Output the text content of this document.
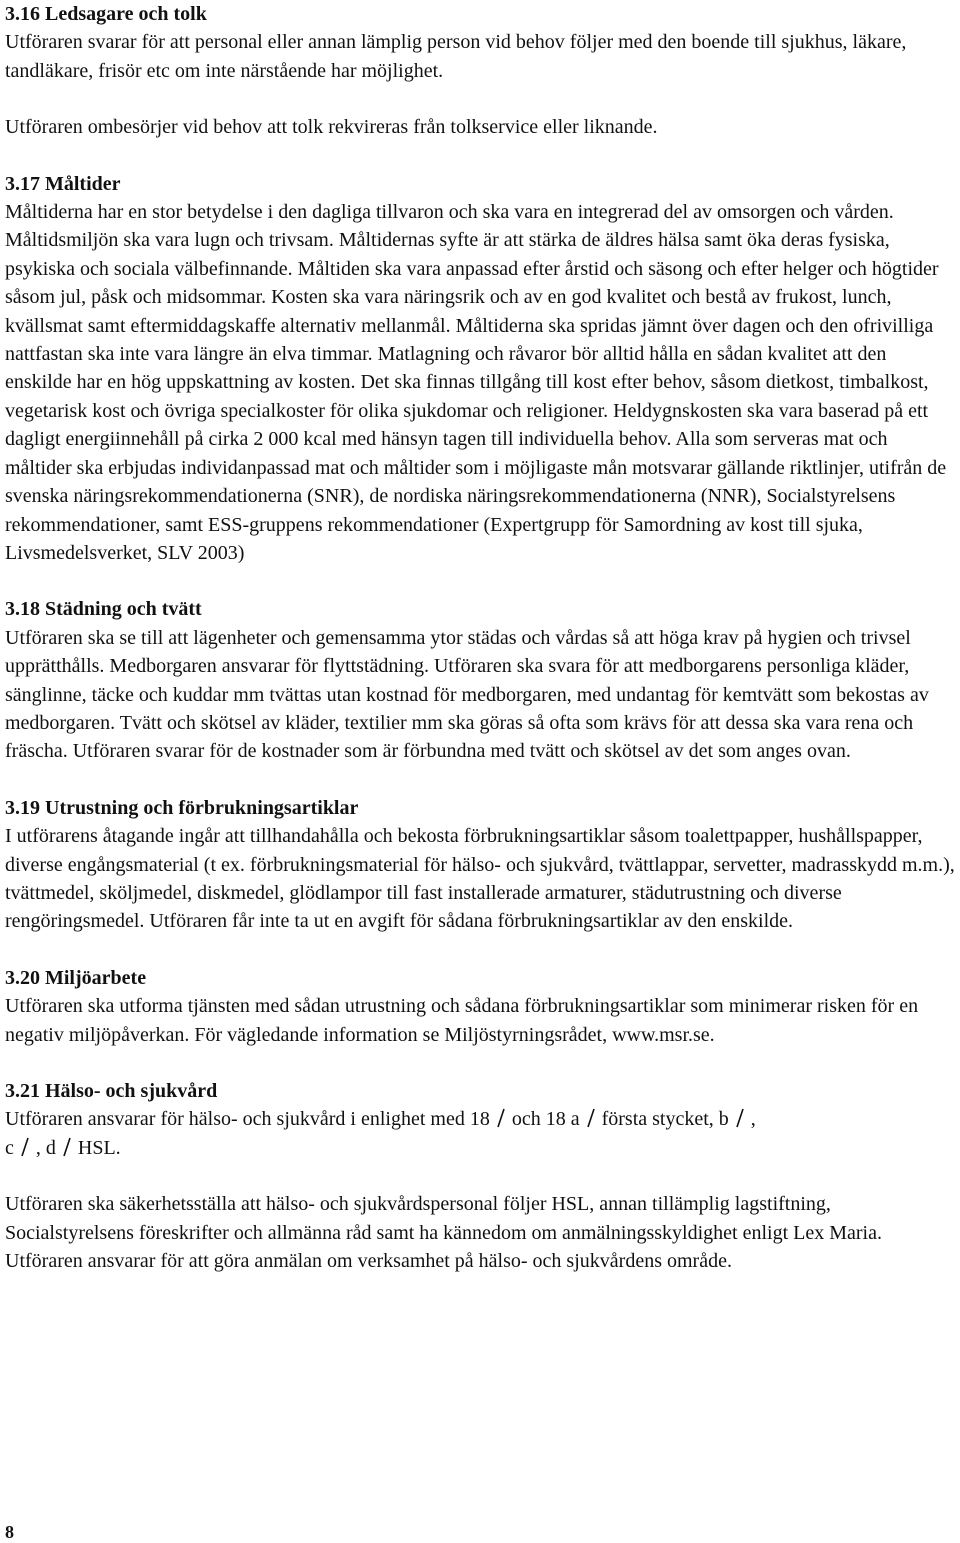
3.16 Ledsagare och tolk

Utföraren svarar för att personal eller annan lämplig person vid behov följer med den boende till sjukhus, läkare, tandläkare, frisör etc om inte närstående har möjlighet.

Utföraren ombesörjer vid behov att tolk rekvireras från tolkservice eller liknande.

3.17 Måltider

Måltiderna har en stor betydelse i den dagliga tillvaron och ska vara en integrerad del av omsorgen och vården. Måltidsmiljön ska vara lugn och trivsam. Måltidernas syfte är att stärka de äldres hälsa samt öka deras fysiska, psykiska och sociala välbefinnande. Måltiden ska vara anpassad efter årstid och säsong och efter helger och högtider såsom jul, påsk och midsommar. Kosten ska vara näringsrik och av en god kvalitet och bestå av frukost, lunch, kvällsmat samt eftermiddagskaffe alternativ mellanmål. Måltiderna ska spridas jämnt över dagen och den ofrivilliga nattfastan ska inte vara längre än elva timmar. Matlagning och råvaror bör alltid hålla en sådan kvalitet att den enskilde har en hög uppskattning av kosten. Det ska finnas tillgång till kost efter behov, såsom dietkost, timbalkost, vegetarisk kost och övriga specialkoster för olika sjukdomar och religioner. Heldygnskosten ska vara baserad på ett dagligt energiinnehåll på cirka 2 000 kcal med hänsyn tagen till individuella behov. Alla som serveras mat och måltider ska erbjudas individanpassad mat och måltider som i möjligaste mån motsvarar gällande riktlinjer, utifrån de svenska näringsrekommendationerna (SNR), de nordiska näringsrekommendationerna (NNR), Socialstyrelsens rekommendationer, samt ESS-gruppens rekommendationer (Expertgrupp för Samordning av kost till sjuka, Livsmedelsverket, SLV 2003)

3.18 Städning och tvätt

Utföraren ska se till att lägenheter och gemensamma ytor städas och vårdas så att höga krav på hygien och trivsel upprätthålls. Medborgaren ansvarar för flyttstädning. Utföraren ska svara för att medborgarens personliga kläder, sänglinne, täcke och kuddar mm tvättas utan kostnad för medborgaren, med undantag för kemtvätt som bekostas av medborgaren. Tvätt och skötsel av kläder, textilier mm ska göras så ofta som krävs för att dessa ska vara rena och fräscha. Utföraren svarar för de kostnader som är förbundna med tvätt och skötsel av det som anges ovan.

3.19 Utrustning och förbrukningsartiklar

I utförarens åtagande ingår att tillhandahålla och bekosta förbrukningsartiklar såsom toalettpapper, hushållspapper, diverse engångsmaterial (t ex. förbrukningsmaterial för hälso- och sjukvård, tvättlappar, servetter, madrasskydd m.m.), tvättmedel, sköljmedel, diskmedel, glödlampor till fast installerade armaturer, städutrustning och diverse rengöringsmedel. Utföraren får inte ta ut en avgift för sådana förbrukningsartiklar av den enskilde.

3.20 Miljöarbete

Utföraren ska utforma tjänsten med sådan utrustning och sådana förbrukningsartiklar som minimerar risken för en negativ miljöpåverkan. För vägledande information se Miljöstyrningsrådet, www.msr.se.

3.21 Hälso- och sjukvård

Utföraren ansvarar för hälso- och sjukvård i enlighet med 18 och 18 a första stycket, b ,
c , d HSL.

Utföraren ska säkerhetsställa att hälso- och sjukvårdspersonal följer HSL, annan tillämplig lagstiftning, Socialstyrelsens föreskrifter och allmänna råd samt ha kännedom om anmälningsskyldighet enligt Lex Maria. Utföraren ansvarar för att göra anmälan om verksamhet på hälso- och sjukvårdens område.

8
